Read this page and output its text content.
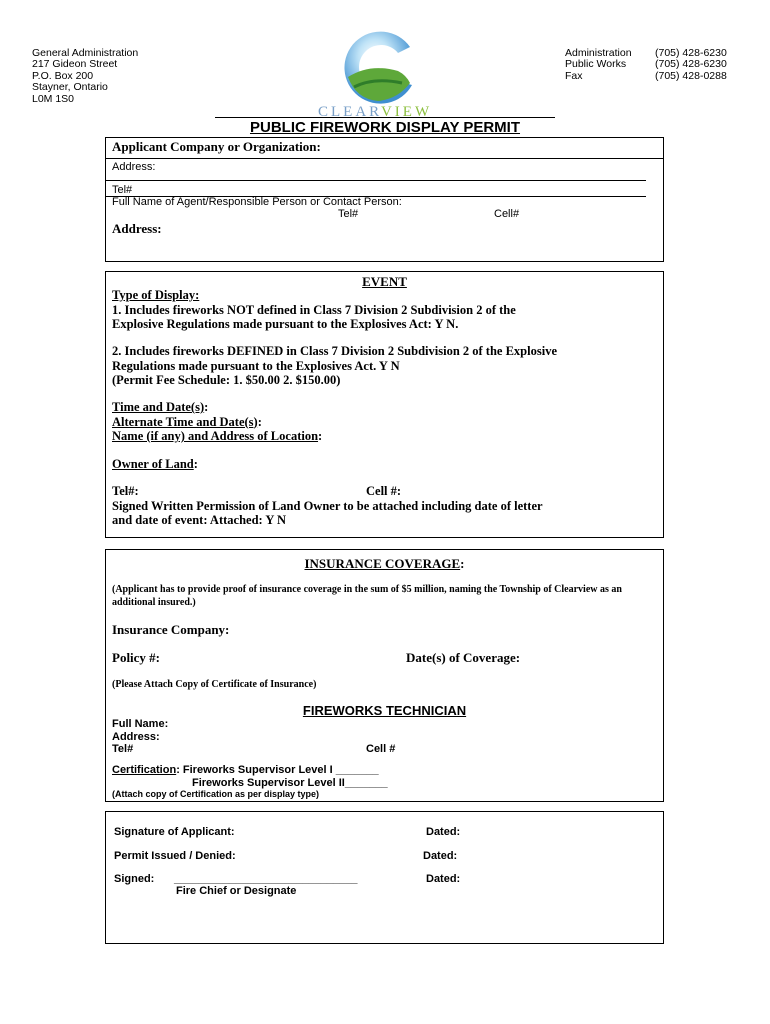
General Administration
217 Gideon Street
P.O. Box 200
Stayner, Ontario
L0M 1S0
CLEARVIEW
Administration (705) 428-6230
Public Works	(705) 428-6230
Fax	(705) 428-0288
PUBLIC FIREWORK DISPLAY PERMIT
Applicant Company or Organization:
Address:
Tel#
Full Name of Agent/Responsible Person or Contact Person:
Tel#	Cell#
Address:
EVENT
Type of Display:
1. Includes fireworks NOT defined in Class 7 Division 2 Subdivision 2 of the
Explosive Regulations made pursuant to the Explosives Act: Y N.
2. Includes fireworks DEFINED in Class 7 Division 2 Subdivision 2 of the Explosive
Regulations made pursuant to the Explosives Act. Y N
(Permit Fee Schedule: 1. $50.00 2. $150.00)
Time and Date(s):
Alternate Time and Date(s):
Name (if any) and Address of Location:
Owner of Land:
Tel#:	Cell #:
Signed Written Permission of Land Owner to be attached including date of letter
and date of event: Attached: Y N
INSURANCE COVERAGE:
(Applicant has to provide proof of insurance coverage in the sum of $5 million, naming the Township of Clearview as an additional insured.)
Insurance Company:
Policy #:	Date(s) of Coverage:
(Please Attach Copy of Certificate of Insurance)
FIREWORKS TECHNICIAN
Full Name:
Address:
Tel#	Cell #
Certification: Fireworks Supervisor Level I _______
Fireworks Supervisor Level II_______
(Attach copy of Certification as per display type)
Signature of Applicant:	Dated:
Permit Issued / Denied:	Dated:
Signed: ______________________________	Dated:
Fire Chief or Designate
